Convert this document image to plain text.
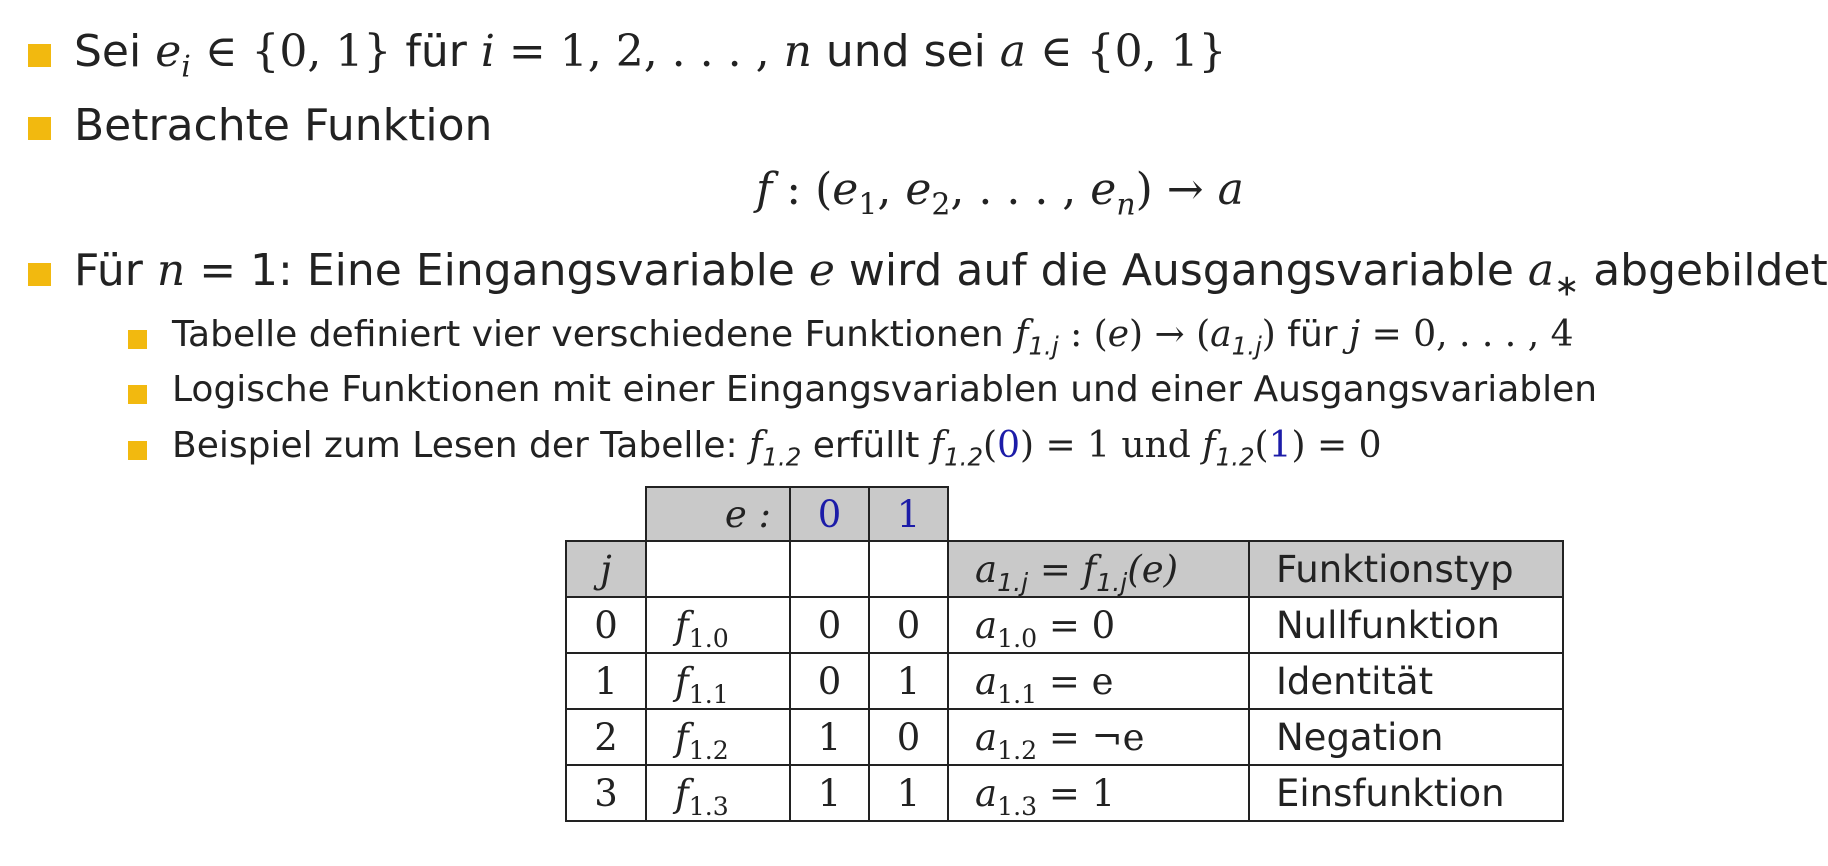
Sei $e_i$ ∈ {0, 1} für i = 1, 2, . . . , n und sei a ∈ {0, 1}
Betrachte Funktion
f : ($e_1$, $e_2$, . . . , $e_n) \to a$
Für n = 1: Eine Eingangsvariable e wird auf die Ausgangsvariable $a_∗$ abgebildet
Tabelle definiert vier verschiedene Funktionen $f_{1.j}$ : $(e) \to (a_{1.j})$ für j = 0, . . . , 4
Logische Funktionen mit einer Eingangsvariablen und einer Ausgangsvariablen
Beispiel zum Lesen der Tabelle: $f_{1.2}$ erfüllt $f_{1.2}(0) = 1$ und $f_{1.2}(1) = 0$
	e :	0	1		
j				$a_{1.j} = f_{1.j}(e)$	Funktionstyp
0	$f_{1.0}$	0	0	$a_{1.0} = 0$	Nullfunktion
1	$f_{1.1}$	0	1	$a_{1.1} = e$	Identität
2	$f_{1.2}$	1	0	$a_{1.2}$ = ¬e	Negation
3	$f_{1.3}$	1	1	$a_{1.3} = 1$	Einsfunktion
